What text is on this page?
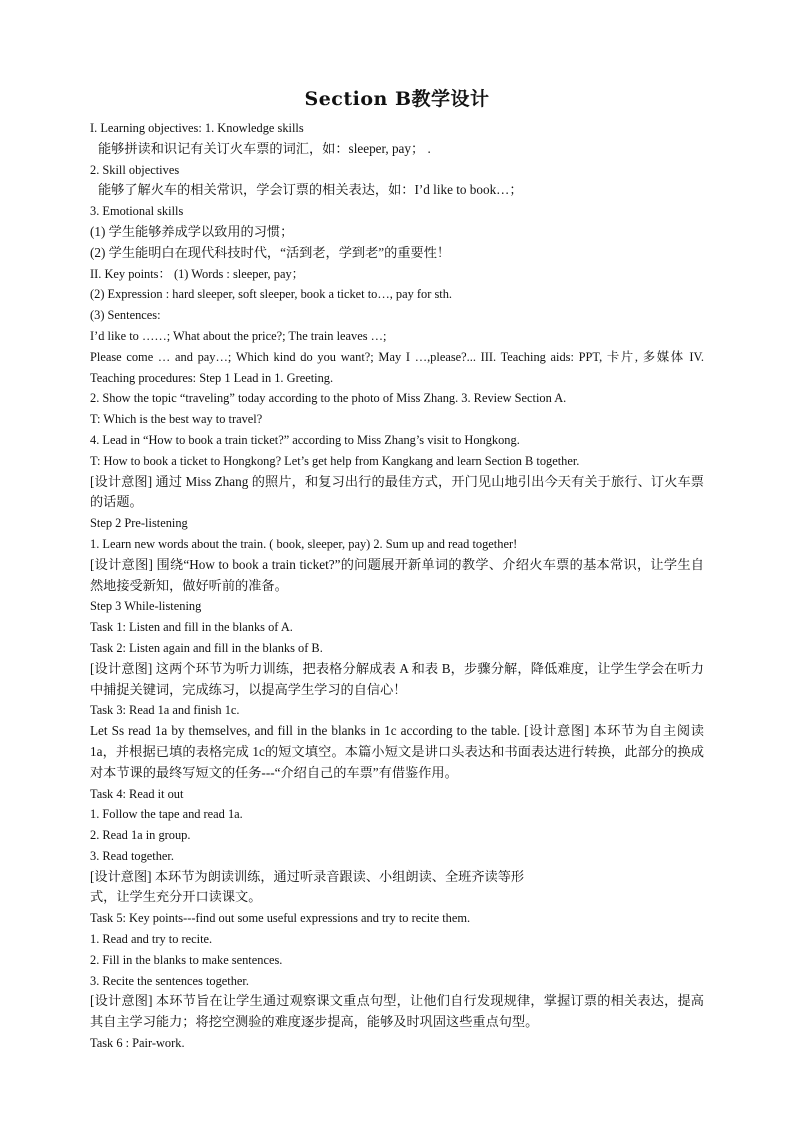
Section B教学设计
I. Learning objectives: 1. Knowledge skills
能够拼读和识记有关订火车票的词汇，如：sleeper, pay； .
2. Skill objectives
能够了解火车的相关常识，学会订票的相关表达，如：I’d like to book…；
3. Emotional skills
(1) 学生能够养成学以致用的习惯；
(2) 学生能明白在现代科技时代，“活到老，学到老”的重要性！
II. Key points： (1) Words : sleeper, pay；
(2) Expression : hard sleeper, soft sleeper, book a ticket to…, pay for sth.
(3) Sentences:
I’d like to ……; What about the price?; The train leaves …;
Please come … and pay…; Which kind do you want?; May I …,please?... III. Teaching aids: PPT, 卡片, 多媒体 IV. Teaching procedures: Step 1 Lead in 1. Greeting.
2. Show the topic “traveling” today according to the photo of Miss Zhang. 3. Review Section A.
T: Which is the best way to travel?
4. Lead in “How to book a train ticket?” according to Miss Zhang’s visit to Hongkong.
T: How to book a ticket to Hongkong? Let’s get help from Kangkang and learn Section B together.
[设计意图] 通过 Miss Zhang 的照片，和复习出行的最佳方式，开门见山地引出今天有关于旅行、订火车票的话题。
Step 2 Pre-listening
1. Learn new words about the train. ( book, sleeper, pay) 2. Sum up and read together!
[设计意图] 围绕“How to book a train ticket?”的问题展开新单词的教学、介绍火车票的基本常识，让学生自然地接受新知，做好听前的准备。
Step 3 While-listening
Task 1: Listen and fill in the blanks of A.
Task 2: Listen again and fill in the blanks of B.
[设计意图] 这两个环节为听力训练，把表格分解成表 A 和表 B，步骤分解，降低难度，让学生学会在听力中捕捉关键词，完成练习，以提高学生学习的自信心！
Task 3: Read 1a and finish 1c.
Let Ss read 1a by themselves, and fill in the blanks in 1c according to the table. [设计意图] 本环节为自主阅读 1a，并根据已填的表格完成 1c的短文填空。本篇小短文是讲口头表达和书面表达进行转换，此部分的换成对本节课的最终写短文的任务---“介绍自己的车票”有借鉴作用。
Task 4: Read it out
1. Follow the tape and read 1a.
2. Read 1a in group.
3. Read together.
[设计意图] 本环节为朗读训练，通过听录音跟读、小组朗读、全班齐读等形
式，让学生充分开口读课文。
Task 5: Key points---find out some useful expressions and try to recite them.
1. Read and try to recite.
2. Fill in the blanks to make sentences.
3. Recite the sentences together.
[设计意图] 本环节旨在让学生通过观察课文重点句型，让他们自行发现规律，掌握订票的相关表达，提高其自主学习能力；将挖空测验的难度逐步提高，能够及时巩固这些重点句型。
Task 6 : Pair-work.
